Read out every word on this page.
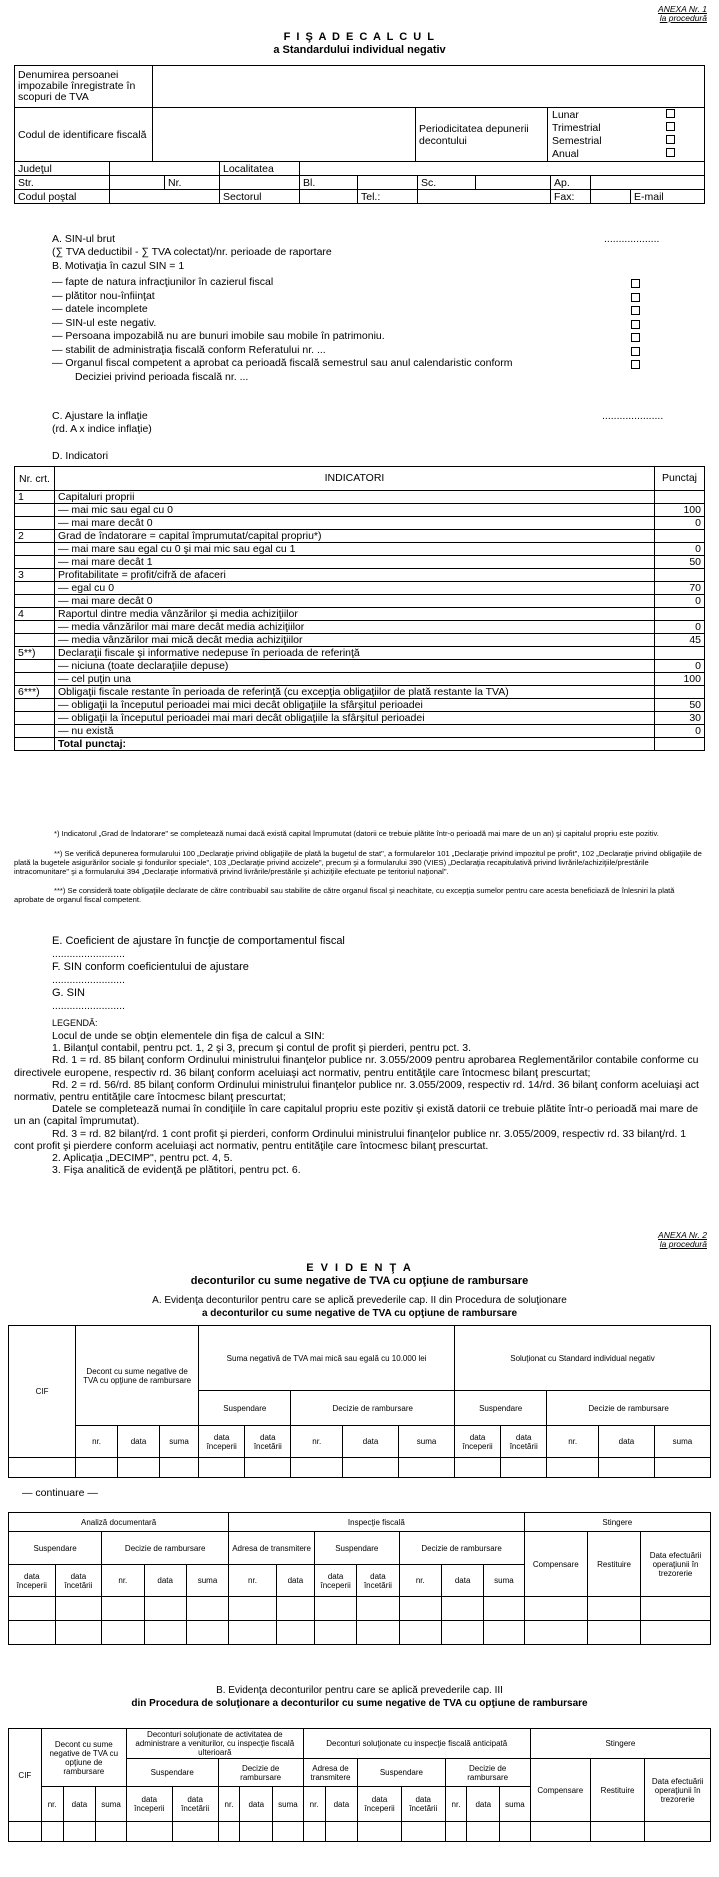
ANEXA Nr. 1
la procedură
F I Ş A D E C A L C U L
a Standardului individual negativ
Denumirea persoanei impozabile înregistrate în scopuri de TVA				
Codul de identificare fiscală		Periodicitatea depunerii decontului	Lunar
Trimestrial
Semestrial
Anual	

Judeţul			Localitatea							
Str.		Nr.		Bl.		Sc.		Ap.		
Codul poştal			Sectorul		Tel.:			Fax:		E-mail
A. SIN-ul brut
(∑ TVA deductibil - ∑ TVA colectat)/nr. perioade de raportare
...................
B. Motivaţia în cazul SIN = 1
— fapte de natura infracţiunilor în cazierul fiscal
— plătitor nou-înfiinţat
— datele incomplete
— SIN-ul este negativ.
— Persoana impozabilă nu are bunuri imobile sau mobile în patrimoniu.
— stabilit de administraţia fiscală conform Referatului nr. ...
— Organul fiscal competent a aprobat ca perioadă fiscală semestrul sau anul calendaristic conform
Deciziei privind perioada fiscală nr. ...
C. Ajustare la inflaţie
(rd. A x indice inflaţie)
.....................
D. Indicatori
Nr. crt.	INDICATORI	Punctaj
1	Capitaluri proprii	
	— mai mic sau egal cu 0	100
	— mai mare decât 0	0
2	Grad de îndatorare = capital împrumutat/capital propriu*)	
	— mai mare sau egal cu 0 şi mai mic sau egal cu 1	0
	— mai mare decât 1	50
3	Profitabilitate = profit/cifră de afaceri	
	— egal cu 0	70
	— mai mare decât 0	0
4	Raportul dintre media vânzărilor şi media achiziţiilor	
	— media vânzărilor mai mare decât media achiziţiilor	0
	— media vânzărilor mai mică decât media achiziţiilor	45
5**)	Declaraţii fiscale şi informative nedepuse în perioada de referinţă	
	— niciuna (toate declaraţiile depuse)	0
	— cel puţin una	100
6***)	Obligaţii fiscale restante în perioada de referinţă (cu excepţia obligaţiilor de plată restante la TVA)	
	— obligaţii la începutul perioadei mai mici decât obligaţiile la sfârşitul perioadei	50
	— obligaţii la începutul perioadei mai mari decât obligaţiile la sfârşitul perioadei	30
	— nu există	0
	Total punctaj:	
*) Indicatorul „Grad de îndatorare" se completează numai dacă există capital împrumutat (datorii ce trebuie plătite într-o perioadă mai mare de un an) şi capitalul propriu este pozitiv.
**) Se verifică depunerea formularului 100 „Declaraţie privind obligaţiile de plată la bugetul de stat", a formularelor 101 „Declaraţie privind impozitul pe profit", 102 „Declaraţie privind obligaţiile de plată la bugetele asigurărilor sociale şi fondurilor speciale", 103 „Declaraţie privind accizele", precum şi a formularului 390 (VIES) „Declaraţia recapitulativă privind livrările/achiziţiile/prestările intracomunitare" şi a formularului 394 „Declaraţie informativă privind livrările/prestările şi achiziţiile efectuate pe teritoriul naţional".
***) Se consideră toate obligaţiile declarate de către contribuabil sau stabilite de către organul fiscal şi neachitate, cu excepţia sumelor pentru care acesta beneficiază de înlesniri la plată aprobate de organul fiscal competent.
E. Coeficient de ajustare în funcţie de comportamentul fiscal
.........................
F. SIN conform coeficientului de ajustare
.........................
G. SIN
.........................
LEGENDĂ:
Locul de unde se obţin elementele din fişa de calcul a SIN:
1. Bilanţul contabil, pentru pct. 1, 2 şi 3, precum şi contul de profit şi pierderi, pentru pct. 3.
Rd. 1 = rd. 85 bilanţ conform Ordinului ministrului finanţelor publice nr. 3.055/2009 pentru aprobarea Reglementărilor contabile conforme cu directivele europene, respectiv rd. 36 bilanţ conform aceluiaşi act normativ, pentru entităţile care întocmesc bilanţ prescurtat;
Rd. 2 = rd. 56/rd. 85 bilanţ conform Ordinului ministrului finanţelor publice nr. 3.055/2009, respectiv rd. 14/rd. 36 bilanţ conform aceluiaşi act normativ, pentru entităţile care întocmesc bilanţ prescurtat;
Datele se completează numai în condiţiile în care capitalul propriu este pozitiv şi există datorii ce trebuie plătite într-o perioadă mai mare de un an (capital împrumutat).
Rd. 3 = rd. 82 bilanţ/rd. 1 cont profit şi pierderi, conform Ordinului ministrului finanţelor publice nr. 3.055/2009, respectiv rd. 33 bilanţ/rd. 1 cont profit şi pierdere conform aceluiaşi act normativ, pentru entităţile care întocmesc bilanţ prescurtat.
2. Aplicaţia „DECIMP", pentru pct. 4, 5.
3. Fişa analitică de evidenţă pe plătitori, pentru pct. 6.
ANEXA Nr. 2
la procedură
E V I D E N Ţ A
deconturilor cu sume negative de TVA cu opţiune de rambursare
A. Evidenţa deconturilor pentru care se aplică prevederile cap. II din Procedura de soluţionare
a deconturilor cu sume negative de TVA cu opţiune de rambursare
CIF	Decont cu sume negative de TVA cu opţiune de rambursare			Suma negativă de TVA mai mică sau egală cu 10.000 lei					Soluţionat cu Standard individual negativ				
				Suspendare		Decizie de rambursare			Suspendare		Decizie de rambursare		
	nr.	data	suma	data începerii	data încetării	nr.	data	suma	data începerii	data încetării	nr.	data	suma

— continuare —
Analiză documentară					Inspecţie fiscală							Stingere		
Suspendare		Decizie de rambursare			Adresa de transmitere		Suspendare		Decizie de rambursare			Compensare	Restituire	Data efectuării operaţiunii în trezorerie
data începerii	data încetării	nr.	data	suma	nr.	data	data începerii	data încetării	nr.	data	suma			

B. Evidenţa deconturilor pentru care se aplică prevederile cap. III
din Procedura de soluţionare a deconturilor cu sume negative de TVA cu opţiune de rambursare
CIF	Decont cu sume negative de TVA cu opţiune de rambursare			Deconturi soluţionate de activitatea de administrare a veniturilor, cu inspecţie fiscală ulterioară					Deconturi soluţionate cu inspecţie fiscală anticipată							Stingere		
				Suspendare		Decizie de rambursare			Adresa de transmitere		Suspendare		Decizie de rambursare			Compensare	Restituire	Data efectuării operaţiunii în trezorerie
	nr.	data	suma	data începerii	data încetării	nr.	data	suma	nr.	data	data începerii	data încetării	nr.	data	suma			
